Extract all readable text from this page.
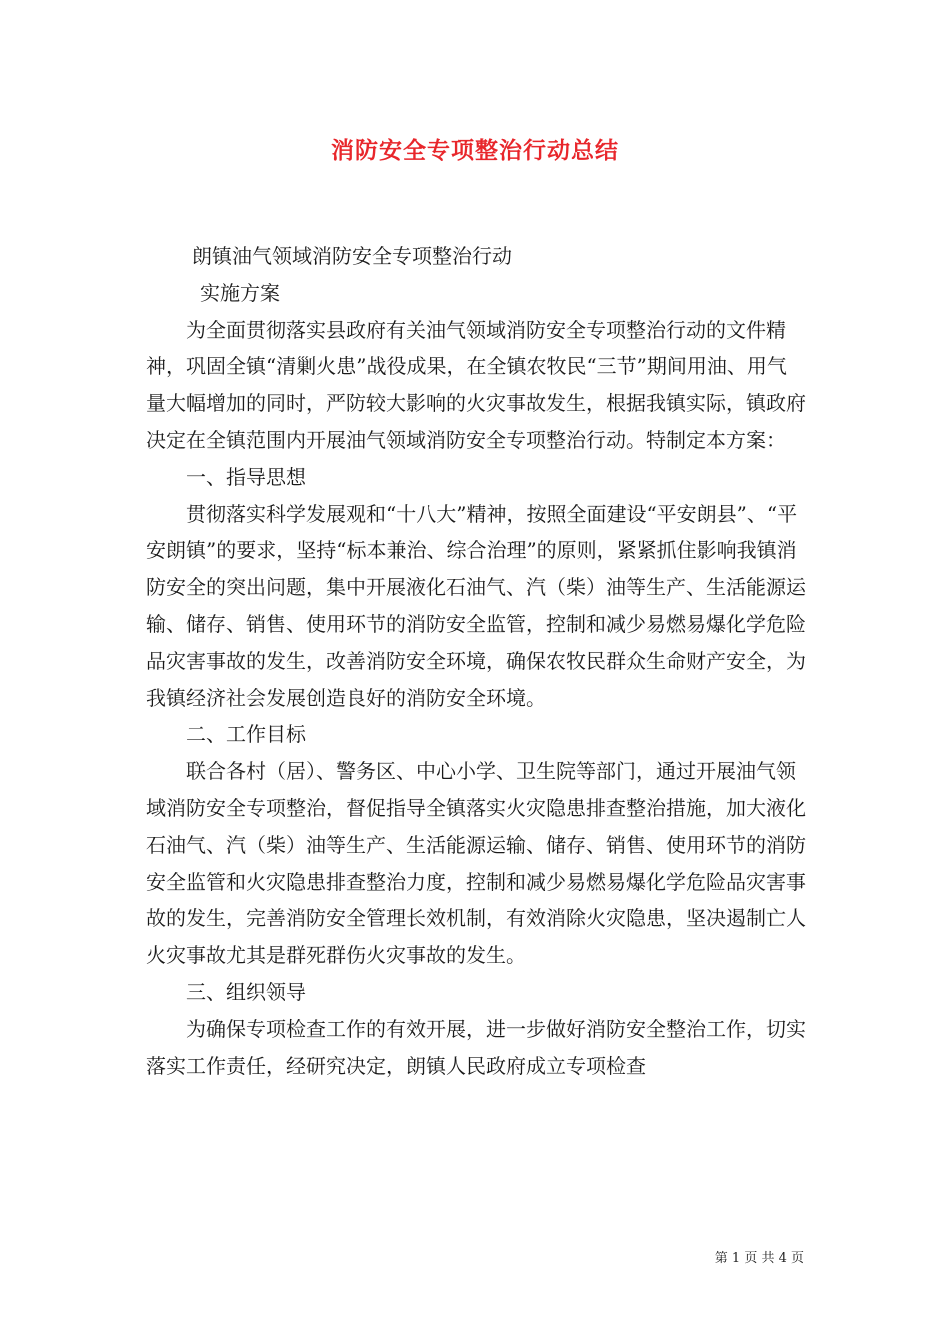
消防安全专项整治行动总结

朗镇油气领域消防安全专项整治行动

实施方案

为全面贯彻落实县政府有关油气领域消防安全专项整治行动的文件精神，巩固全镇“清剿火患”战役成果，在全镇农牧民“三节”期间用油、用气量大幅增加的同时，严防较大影响的火灾事故发生，根据我镇实际，镇政府决定在全镇范围内开展油气领域消防安全专项整治行动。特制定本方案：

一、指导思想

贯彻落实科学发展观和“十八大”精神，按照全面建设“平安朗县”、“平安朗镇”的要求，坚持“标本兼治、综合治理”的原则，紧紧抓住影响我镇消防安全的突出问题，集中开展液化石油气、汽（柴）油等生产、生活能源运输、储存、销售、使用环节的消防安全监管，控制和减少易燃易爆化学危险品灾害事故的发生，改善消防安全环境，确保农牧民群众生命财产安全，为我镇经济社会发展创造良好的消防安全环境。

二、工作目标

联合各村（居）、警务区、中心小学、卫生院等部门，通过开展油气领域消防安全专项整治，督促指导全镇落实火灾隐患排查整治措施，加大液化石油气、汽（柴）油等生产、生活能源运输、储存、销售、使用环节的消防安全监管和火灾隐患排查整治力度，控制和减少易燃易爆化学危险品灾害事故的发生，完善消防安全管理长效机制，有效消除火灾隐患，坚决遏制亡人火灾事故尤其是群死群伤火灾事故的发生。

三、组织领导

为确保专项检查工作的有效开展，进一步做好消防安全整治工作，切实落实工作责任，经研究决定，朗镇人民政府成立专项检查

第 1 页 共 4 页
